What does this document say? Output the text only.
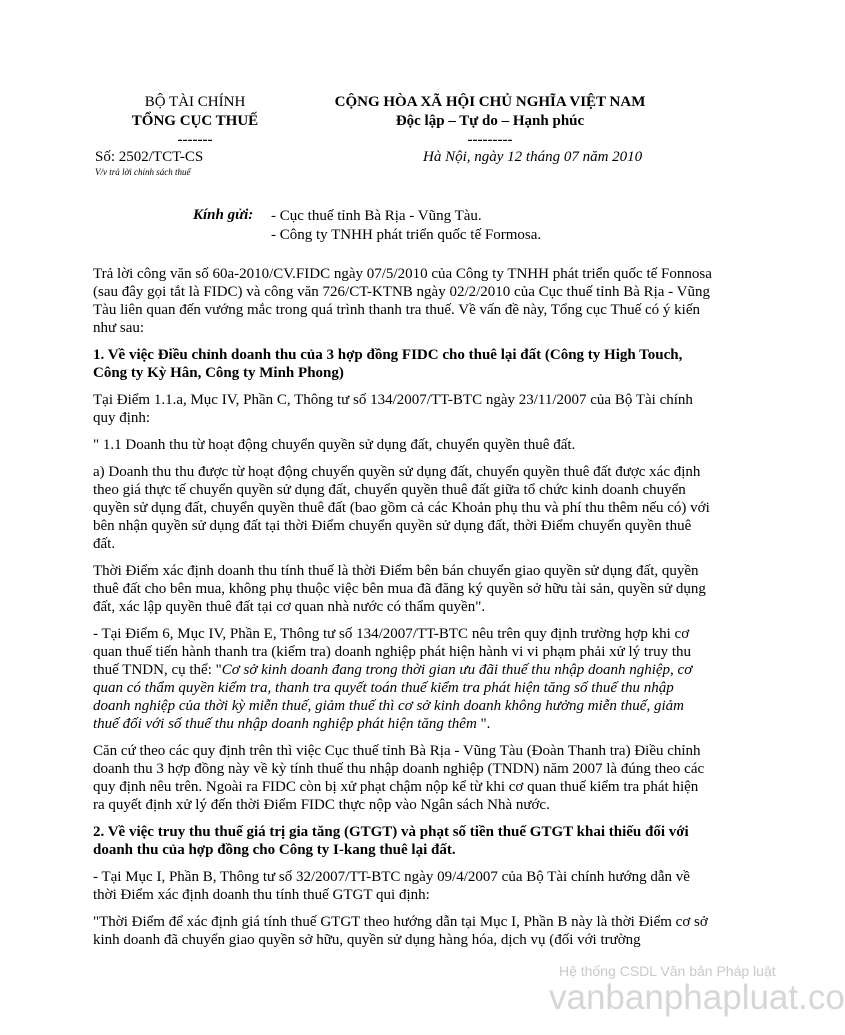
BỘ TÀI CHÍNH
TỔNG CỤC THUẾ
-------
CỘNG HÒA XÃ HỘI CHỦ NGHĨA VIỆT NAM
Độc lập – Tự do – Hạnh phúc
---------
Số: 2502/TCT-CS
V/v trả lời chính sách thuế
Hà Nội, ngày 12 tháng 07 năm 2010
Kính gửi: - Cục thuế tỉnh Bà Rịa - Vũng Tàu.
- Công ty TNHH phát triển quốc tế Formosa.

Trả lời công văn số 60a-2010/CV.FIDC ngày 07/5/2010 của Công ty TNHH phát triển quốc tế Fonnosa (sau đây gọi tắt là FIDC) và công văn 726/CT-KTNB ngày 02/2/2010 của Cục thuế tỉnh Bà Rịa - Vũng Tàu liên quan đến vướng mắc trong quá trình thanh tra thuế. Về vấn đề này, Tổng cục Thuế có ý kiến như sau:

1. Về việc Điều chỉnh doanh thu của 3 hợp đồng FIDC cho thuê lại đất (Công ty High Touch, Công ty Kỳ Hân, Công ty Minh Phong)

Tại Điểm 1.1.a, Mục IV, Phần C, Thông tư số 134/2007/TT-BTC ngày 23/11/2007 của Bộ Tài chính quy định:

" 1.1 Doanh thu từ hoạt động chuyển quyền sử dụng đất, chuyển quyền thuê đất.

a) Doanh thu thu được từ hoạt động chuyển quyền sử dụng đất, chuyển quyền thuê đất được xác định theo giá thực tế chuyển quyền sử dụng đất, chuyển quyền thuê đất giữa tổ chức kinh doanh chuyển quyền sử dụng đất, chuyển quyền thuê đất (bao gồm cả các Khoản phụ thu và phí thu thêm nếu có) với bên nhận quyền sử dụng đất tại thời Điểm chuyển quyền sử dụng đất, thời Điểm chuyển quyền thuê đất.

Thời Điểm xác định doanh thu tính thuế là thời Điểm bên bán chuyển giao quyền sử dụng đất, quyền thuê đất cho bên mua, không phụ thuộc việc bên mua đã đăng ký quyền sở hữu tài sản, quyền sử dụng đất, xác lập quyền thuê đất tại cơ quan nhà nước có thẩm quyền".

- Tại Điểm 6, Mục IV, Phần E, Thông tư số 134/2007/TT-BTC nêu trên quy định trường hợp khi cơ quan thuế tiến hành thanh tra (kiểm tra) doanh nghiệp phát hiện hành vi vi phạm phải xử lý truy thu thuế TNDN, cụ thể: "Cơ sở kinh doanh đang trong thời gian ưu đãi thuế thu nhập doanh nghiệp, cơ quan có thẩm quyền kiểm tra, thanh tra quyết toán thuế kiểm tra phát hiện tăng số thuế thu nhập doanh nghiệp của thời kỳ miễn thuế, giảm thuế thì cơ sở kinh doanh không hưởng miễn thuế, giảm thuế đối với số thuế thu nhập doanh nghiệp phát hiện tăng thêm ".

Căn cứ theo các quy định trên thì việc Cục thuế tỉnh Bà Rịa - Vũng Tàu (Đoàn Thanh tra) Điều chỉnh doanh thu 3 hợp đồng này về kỳ tính thuế thu nhập doanh nghiệp (TNDN) năm 2007 là đúng theo các quy định nêu trên. Ngoài ra FIDC còn bị xử phạt chậm nộp kể từ khi cơ quan thuế kiểm tra phát hiện ra quyết định xử lý đến thời Điểm FIDC thực nộp vào Ngân sách Nhà nước.

2. Về việc truy thu thuế giá trị gia tăng (GTGT) và phạt số tiền thuế GTGT khai thiếu đối với doanh thu của hợp đồng cho Công ty I-kang thuê lại đất.

- Tại Mục I, Phần B, Thông tư số 32/2007/TT-BTC ngày 09/4/2007 của Bộ Tài chính hướng dẫn về thời Điểm xác định doanh thu tính thuế GTGT qui định:

"Thời Điểm để xác định giá tính thuế GTGT theo hướng dẫn tại Mục I, Phần B này là thời Điểm cơ sở kinh doanh đã chuyển giao quyền sở hữu, quyền sử dụng hàng hóa, dịch vụ (đối với trường

Hệ thống CSDL Văn bản Pháp luật
vanbanphapluat.co
